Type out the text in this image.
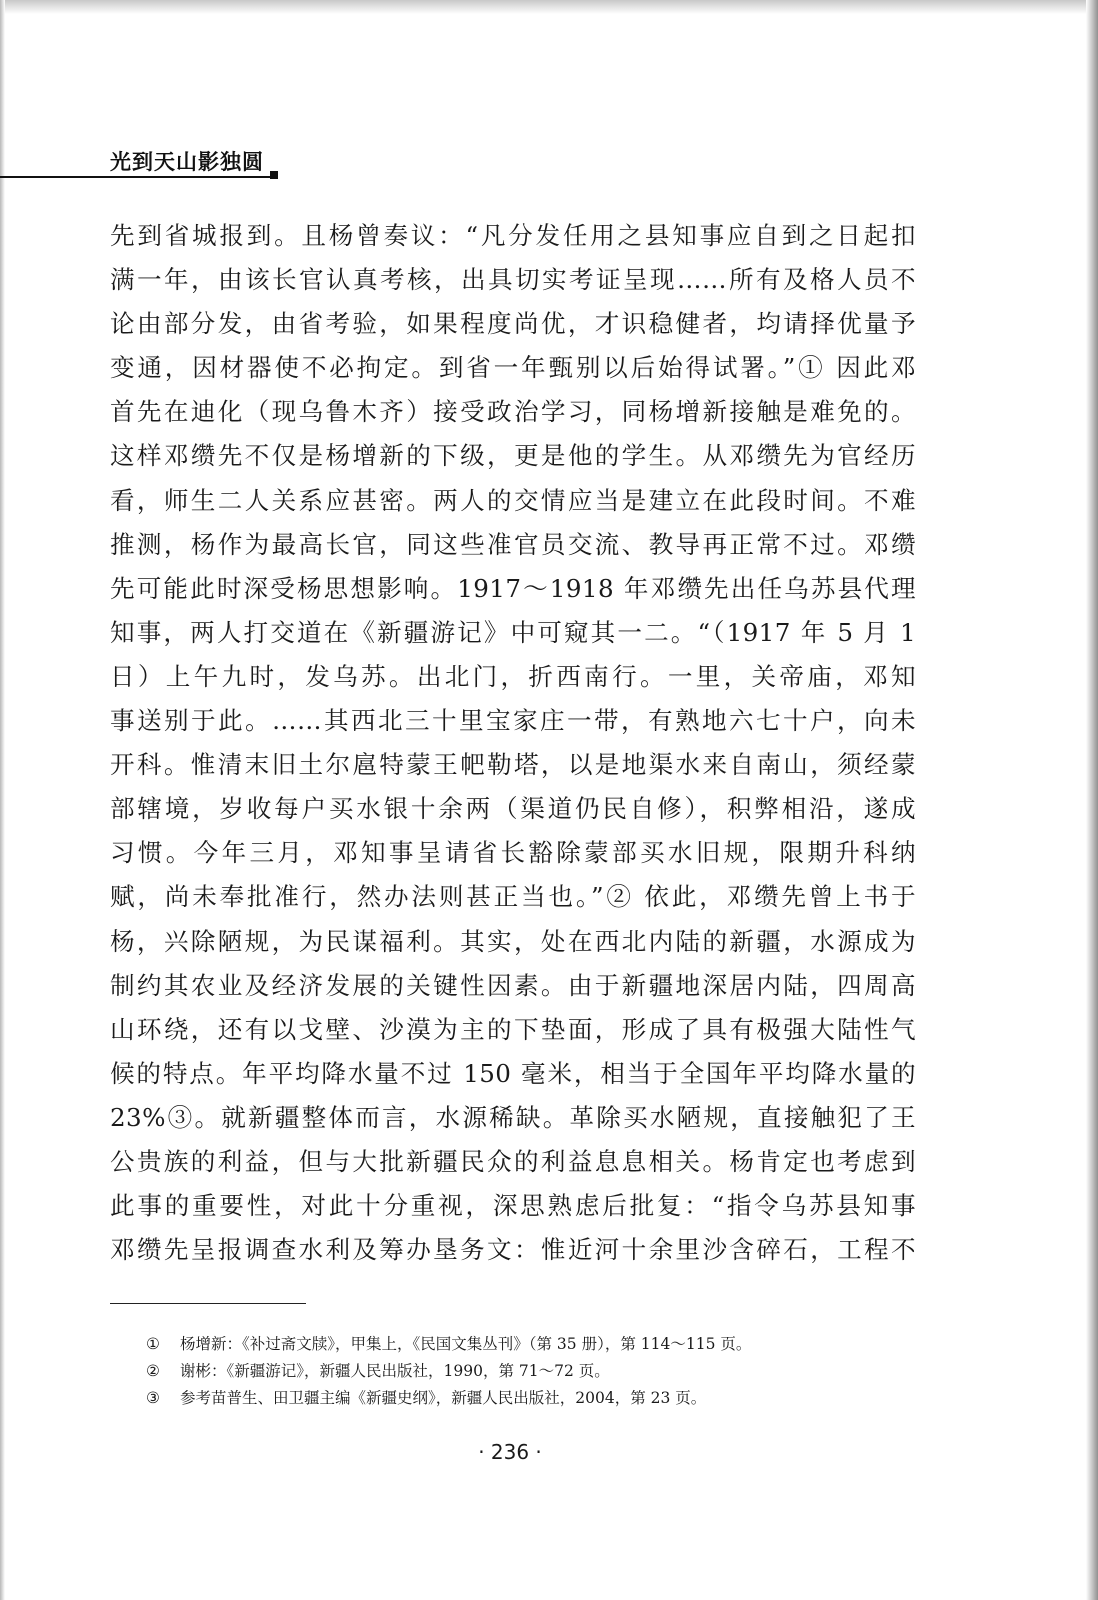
光到天山影独圆
先到省城报到。且杨曾奏议：“凡分发任用之县知事应自到之日起扣
满一年，由该长官认真考核，出具切实考证呈现……所有及格人员不
论由部分发，由省考验，如果程度尚优，才识稳健者，均请择优量予
变通，因材器使不必拘定。到省一年甄别以后始得试署。”① 因此邓
首先在迪化（现乌鲁木齐）接受政治学习，同杨增新接触是难免的。
这样邓缵先不仅是杨增新的下级，更是他的学生。从邓缵先为官经历
看，师生二人关系应甚密。两人的交情应当是建立在此段时间。不难
推测，杨作为最高长官，同这些准官员交流、教导再正常不过。邓缵
先可能此时深受杨思想影响。1917～1918 年邓缵先出任乌苏县代理
知事，两人打交道在《新疆游记》中可窥其一二。“（1917 年 5 月 1
日）上午九时，发乌苏。出北门，折西南行。一里，关帝庙，邓知
事送别于此。……其西北三十里宝家庄一带，有熟地六七十户，向未
开科。惟清末旧土尔扈特蒙王帊勒塔，以是地渠水来自南山，须经蒙
部辖境，岁收每户买水银十余两（渠道仍民自修），积弊相沿，遂成
习惯。今年三月，邓知事呈请省长豁除蒙部买水旧规，限期升科纳
赋，尚未奉批准行，然办法则甚正当也。”② 依此，邓缵先曾上书于
杨，兴除陋规，为民谋福利。其实，处在西北内陆的新疆，水源成为
制约其农业及经济发展的关键性因素。由于新疆地深居内陆，四周高
山环绕，还有以戈壁、沙漠为主的下垫面，形成了具有极强大陆性气
候的特点。年平均降水量不过 150 毫米，相当于全国年平均降水量的
23%③。就新疆整体而言，水源稀缺。革除买水陋规，直接触犯了王
公贵族的利益，但与大批新疆民众的利益息息相关。杨肯定也考虑到
此事的重要性，对此十分重视，深思熟虑后批复：“指令乌苏县知事
邓缵先呈报调查水利及筹办垦务文：惟近河十余里沙含碎石，工程不
① 杨增新：《补过斋文牍》，甲集上，《民国文集丛刊》（第 35 册），第 114～115 页。
② 谢彬：《新疆游记》，新疆人民出版社，1990，第 71～72 页。
③ 参考苗普生、田卫疆主编《新疆史纲》，新疆人民出版社，2004，第 23 页。
· 236 ·
